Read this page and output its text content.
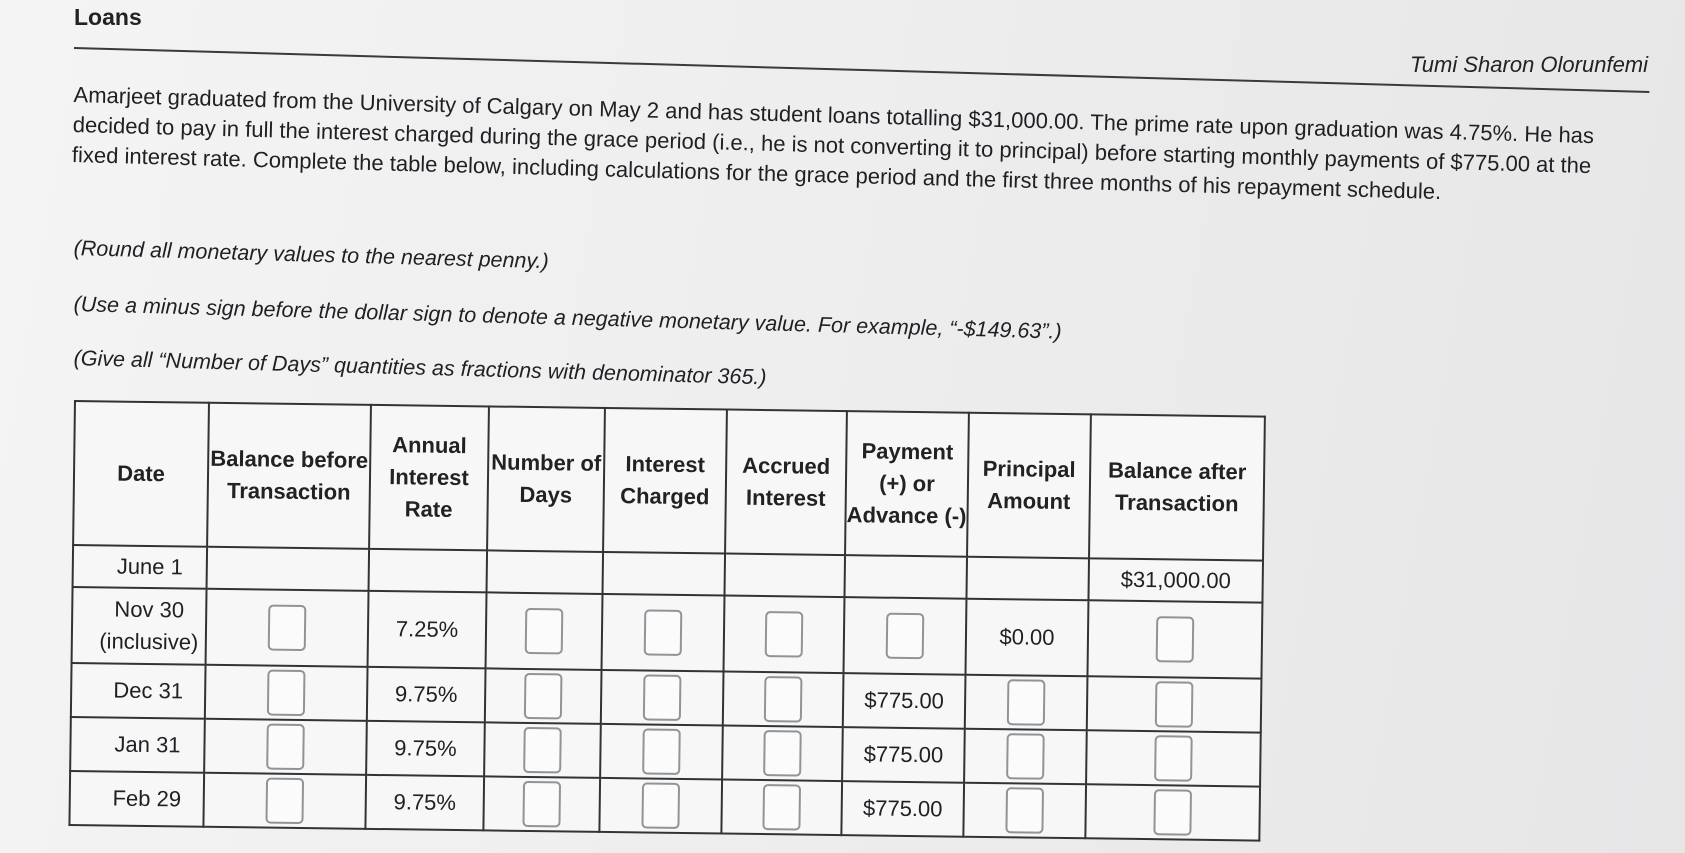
Loans
Tumi Sharon Olorunfemi
Amarjeet graduated from the University of Calgary on May 2 and has student loans totalling $31,000.00. The prime rate upon graduation was 4.75%. He has decided to pay in full the interest charged during the grace period (i.e., he is not converting it to principal) before starting monthly payments of $775.00 at the fixed interest rate. Complete the table below, including calculations for the grace period and the first three months of his repayment schedule.
(Round all monetary values to the nearest penny.)
(Use a minus sign before the dollar sign to denote a negative monetary value. For example, “-$149.63”.)
(Give all “Number of Days” quantities as fractions with denominator 365.)
Date	Balance before Transaction	Annual Interest Rate	Number of Days	Interest Charged	Accrued Interest	Payment (+) or Advance (-)	Principal Amount	Balance after Transaction
June 1								$31,000.00
Nov 30
(inclusive)		7.25%					$0.00	
Dec 31		9.75%				$775.00		
Jan 31		9.75%				$775.00		
Feb 29		9.75%				$775.00		
